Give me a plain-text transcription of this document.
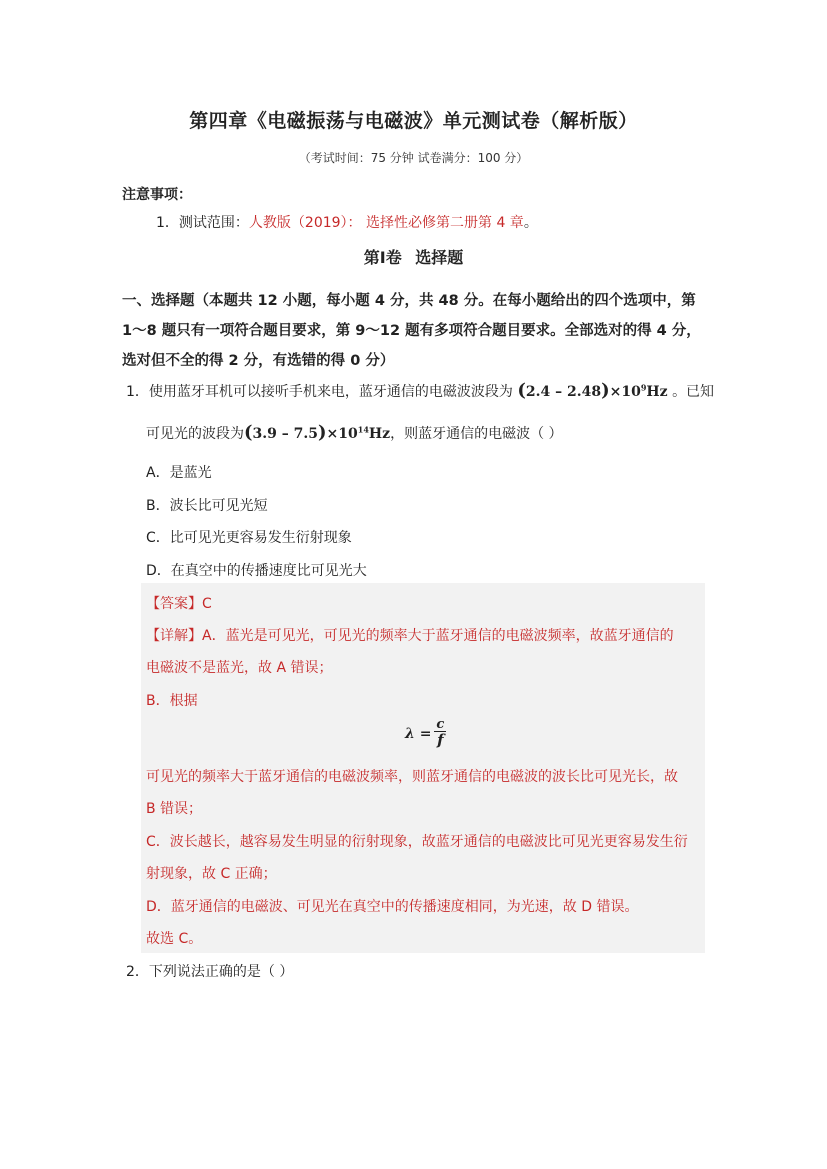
第四章《电磁振荡与电磁波》单元测试卷（解析版）
（考试时间：75 分钟 试卷满分：100 分）
注意事项：
1．测试范围：人教版（2019）： 选择性必修第二册第 4 章。
第Ⅰ卷 选择题
一、选择题（本题共 12 小题，每小题 4 分，共 48 分。在每小题给出的四个选项中，第 1～8 题只有一项符合题目要求，第 9～12 题有多项符合题目要求。全部选对的得 4 分，选对但不全的得 2 分，有选错的得 0 分）
1．使用蓝牙耳机可以接听手机来电，蓝牙通信的电磁波波段为 $(2.4 - 2.48)\times 10^9Hz$ 。已知
可见光的波段为$(3.9 - 7.5)\times 10^{14}Hz$，则蓝牙通信的电磁波（ ）
A．是蓝光
B．波长比可见光短
C．比可见光更容易发生衍射现象
D．在真空中的传播速度比可见光大
【答案】C
【详解】A．蓝光是可见光，可见光的频率大于蓝牙通信的电磁波频率，故蓝牙通信的
电磁波不是蓝光，故 A 错误；
B．根据
$\lambda = \frac{c}{f}$
可见光的频率大于蓝牙通信的电磁波频率，则蓝牙通信的电磁波的波长比可见光长，故
B 错误；
C．波长越长，越容易发生明显的衍射现象，故蓝牙通信的电磁波比可见光更容易发生衍
射现象，故 C 正确；
D．蓝牙通信的电磁波、可见光在真空中的传播速度相同，为光速，故 D 错误。
故选 C。
2．下列说法正确的是（ ）
